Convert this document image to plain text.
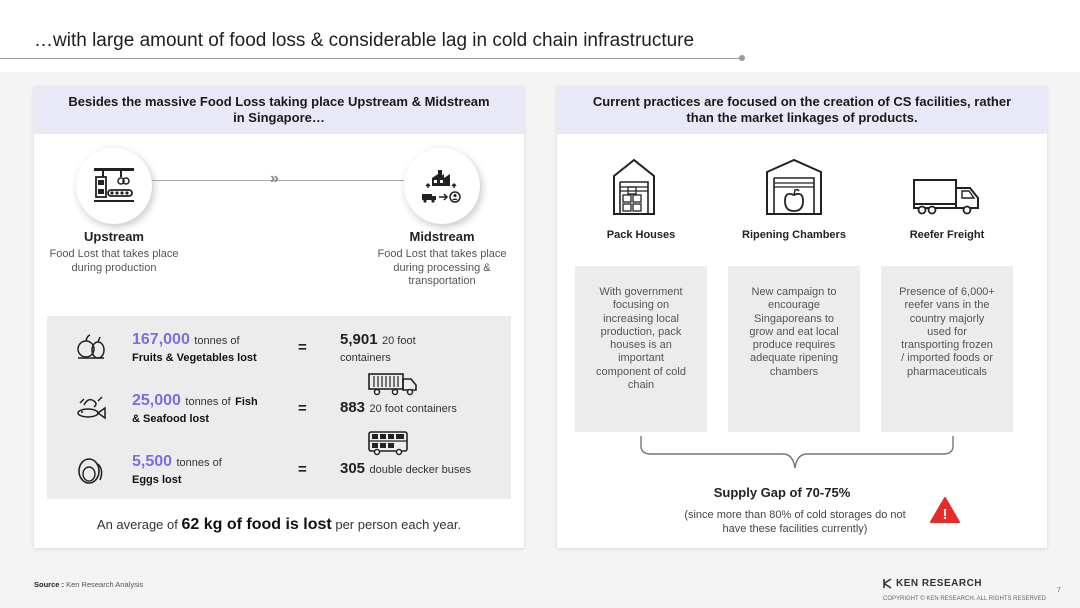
…with large amount of food loss & considerable lag in cold chain infrastructure
Besides the massive Food Loss taking place Upstream & Midstream in Singapore…
»
Upstream
Food Lost that takes place during production
Midstream
Food Lost that takes place during processing & transportation
167,000 tonnes of
Fruits & Vegetables lost
= 5,901 20 foot
containers
25,000 tonnes of Fish
& Seafood lost
= 883 20 foot containers
5,500 tonnes of
Eggs lost
= 305 double decker buses
An average of 62 kg of food is lost per person each year.
Current practices are focused on the creation of CS facilities, rather than the market linkages of products.
Pack Houses	Ripening Chambers	Reefer Freight
With government focusing on increasing local production, pack houses is an important component of cold chain
New campaign to encourage Singaporeans to grow and eat local produce requires adequate ripening chambers
Presence of 6,000+ reefer vans in the country majorly used for transporting frozen / imported foods or pharmaceuticals
Supply Gap of 70-75%
(since more than 80% of cold storages do not have these facilities currently)
!
Source : Ken Research Analysis	KEN RESEARCH
COPYRIGHT © KEN RESEARCH. ALL RIGHTS RESERVED
7
